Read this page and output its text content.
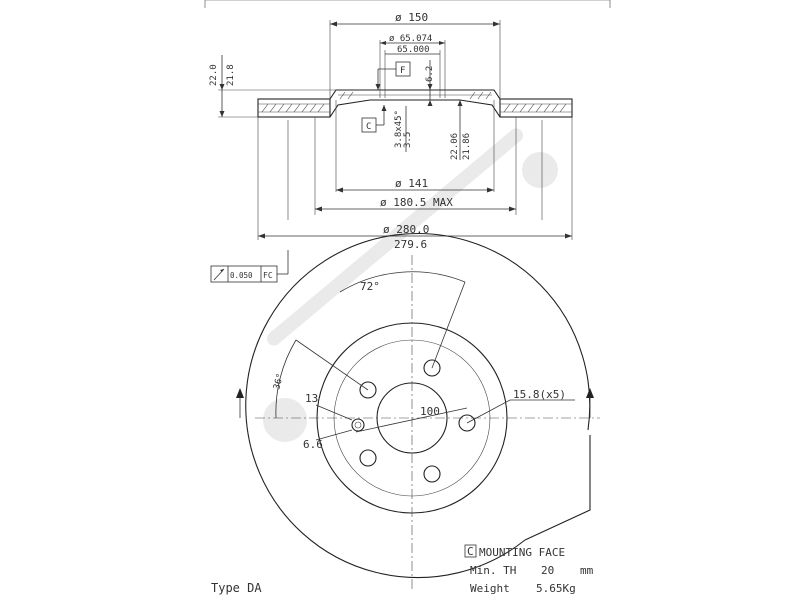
ø 150
ø 65.074
65.000
F 6.2
22.0 21.8
C	3.8x45° 3.5	22.06 21.86
ø 141
ø 180.5 MAX
ø 280.0
279.6
0.050 FC
72°
36°
13
6.6
100
15.8(x5)
C MOUNTING FACE
Min. TH 20 mm
Weight 5.65Kg
Type DA
